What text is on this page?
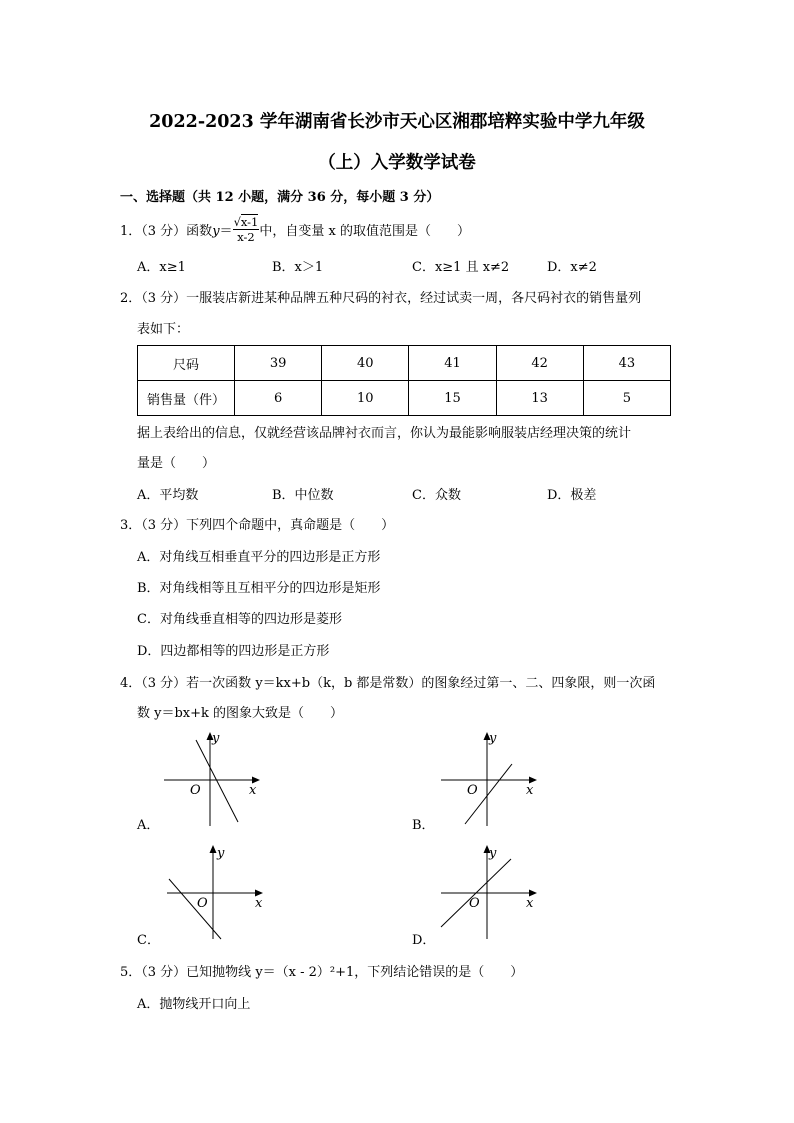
2022-2023 学年湖南省长沙市天心区湘郡培粹实验中学九年级
（上）入学数学试卷
一、选择题（共 12 小题，满分 36 分，每小题 3 分）
1．（3 分）函数$y= \frac{√x-1}{x-2}$ 中，自变量 x 的取值范围是（　　）
A．x≥1	B．x＞1	C．x≥1 且 x≠2	D．x≠2
2．（3 分）一服装店新进某种品牌五种尺码的衬衣，经过试卖一周，各尺码衬衣的销售量列
表如下：
尺码	39	40	41	42	43
销售量（件）	6	10	15	13	5
据上表给出的信息，仅就经营该品牌衬衣而言，你认为最能影响服装店经理决策的统计
量是（　　）
A．平均数	B．中位数	C．众数	D．极差
3．（3 分）下列四个命题中，真命题是（　　）
A．对角线互相垂直平分的四边形是正方形
B．对角线相等且互相平分的四边形是矩形
C．对角线垂直相等的四边形是菱形
D．四边都相等的四边形是正方形
4．（3 分）若一次函数 y＝kx+b（k，b 都是常数）的图象经过第一、二、四象限，则一次函
数 y＝bx+k 的图象大致是（　　）
O	x
y
A．
O	x
y
B．
O	x
y
C．
O	x
y
D．
5．（3 分）已知抛物线 y＝（x - 2）²+1，下列结论错误的是（　　）
A．抛物线开口向上
